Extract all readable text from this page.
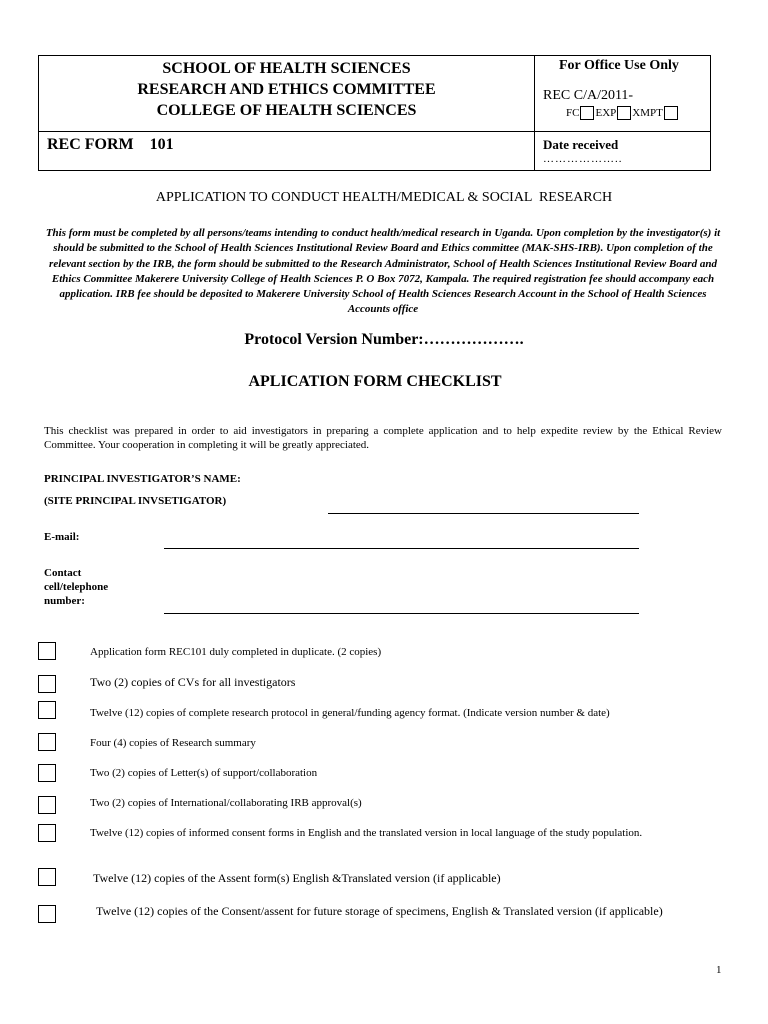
SCHOOL OF HEALTH SCIENCES
RESEARCH AND ETHICS COMMITTEE
COLLEGE OF HEALTH SCIENCES
For Office Use Only
REC C/A/2011-
FC EXP XMPT
REC FORM    101	Date received
………………..
APPLICATION TO CONDUCT HEALTH/MEDICAL & SOCIAL  RESEARCH
This form must be completed by all persons/teams intending to conduct health/medical research in Uganda. Upon completion by the investigator(s) it should be submitted to the School of Health Sciences Institutional Review Board and Ethics committee (MAK-SHS-IRB). Upon completion of the relevant section by the IRB, the form should be submitted to the Research Administrator, School of Health Sciences Institutional Review Board and Ethics Committee Makerere University College of Health Sciences P. O Box 7072, Kampala. The required registration fee should accompany each application. IRB fee should be deposited to Makerere University School of Health Sciences Research Account in the School of Health Sciences Accounts office
Protocol Version Number:……………….
APLICATION FORM CHECKLIST
This checklist was prepared in order to aid investigators in preparing a complete application and to help expedite review by the Ethical Review Committee. Your cooperation in completing it will be greatly appreciated.
PRINCIPAL INVESTIGATOR’S NAME:
(SITE PRINCIPAL INVSETIGATOR)
E-mail:
Contact cell/telephone number:
Application form REC101 duly completed in duplicate. (2 copies)
Two (2) copies of CVs for all investigators
Twelve (12) copies of complete research protocol in general/funding agency format. (Indicate version number & date)
Four (4) copies of Research summary
Two (2) copies of Letter(s) of support/collaboration
Two (2) copies of International/collaborating IRB approval(s)
Twelve (12) copies of informed consent forms in English and the translated version in local language of the study population.
Twelve (12) copies of the Assent form(s) English &Translated version (if applicable)
Twelve (12) copies of the Consent/assent for future storage of specimens, English & Translated version (if applicable)
1
